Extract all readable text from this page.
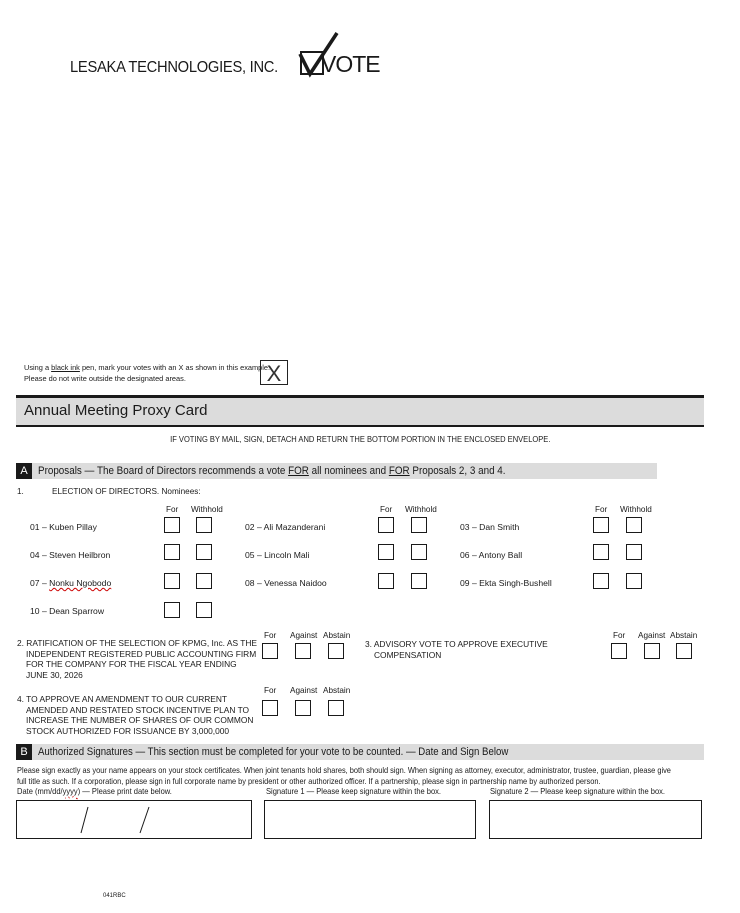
LESAKA TECHNOLOGIES, INC. VOTE
Using a black ink pen, mark your votes with an X as shown in this example.
Please do not write outside the designated areas.	X
Annual Meeting Proxy Card
IF VOTING BY MAIL, SIGN, DETACH AND RETURN THE BOTTOM PORTION IN THE ENCLOSED ENVELOPE.
A Proposals — The Board of Directors recommends a vote FOR all nominees and FOR Proposals 2, 3 and 4.
1.	ELECTION OF DIRECTORS. Nominees:
For Withhold	For Withhold	For Withhold
01 – Kuben Pillay	02 – Ali Mazanderani	03 – Dan Smith
04 – Steven Heilbron	05 – Lincoln Mali	06 – Antony Ball
07 – Nonku Ngobodo	08 – Venessa Naidoo	09 – Ekta Singh-Bushell
10 – Dean Sparrow
2. RATIFICATION OF THE SELECTION OF KPMG, Inc. AS THE
INDEPENDENT REGISTERED PUBLIC ACCOUNTING FIRM
FOR THE COMPANY FOR THE FISCAL YEAR ENDING
JUNE 30, 2026
For Against Abstain
3. ADVISORY VOTE TO APPROVE EXECUTIVE
COMPENSATION
For Against Abstain
4. TO APPROVE AN AMENDMENT TO OUR CURRENT
AMENDED AND RESTATED STOCK INCENTIVE PLAN TO
INCREASE THE NUMBER OF SHARES OF OUR COMMON
STOCK AUTHORIZED FOR ISSUANCE BY 3,000,000
For Against Abstain
B Authorized Signatures — This section must be completed for your vote to be counted. — Date and Sign Below
Please sign exactly as your name appears on your stock certificates. When joint tenants hold shares, both should sign. When signing as attorney, executor, administrator, trustee, guardian, please give
full title as such. If a corporation, please sign in full corporate name by president or other authorized officer. If a partnership, please sign in partnership name by authorized person.
Date (mm/dd/yyyy) — Please print date below.	Signature 1 — Please keep signature within the box.	Signature 2 — Please keep signature within the box.
041RBC
